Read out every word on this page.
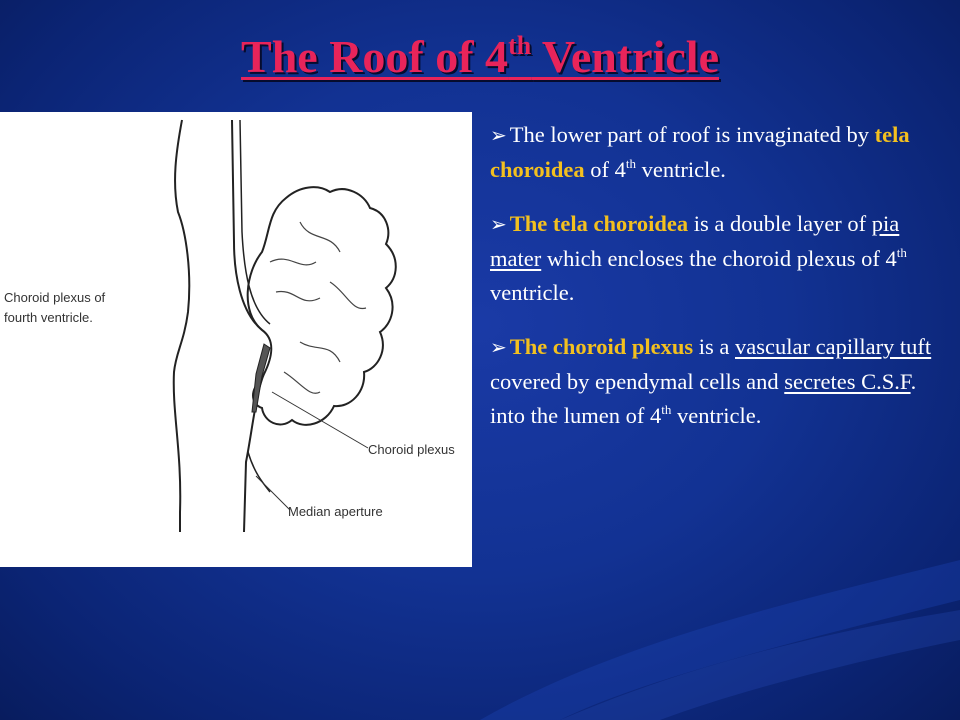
The Roof of 4th Ventricle
Choroid plexus of
fourth ventricle.
Choroid plexus
Median aperture

➢ The lower part of roof is invaginated by tela choroidea of 4th ventricle.

➢ The tela choroidea is a double layer of pia mater which encloses the choroid plexus of 4th ventricle.

➢ The choroid plexus is a vascular capillary tuft covered by ependymal cells and secretes C.S.F. into the lumen of 4th ventricle.
